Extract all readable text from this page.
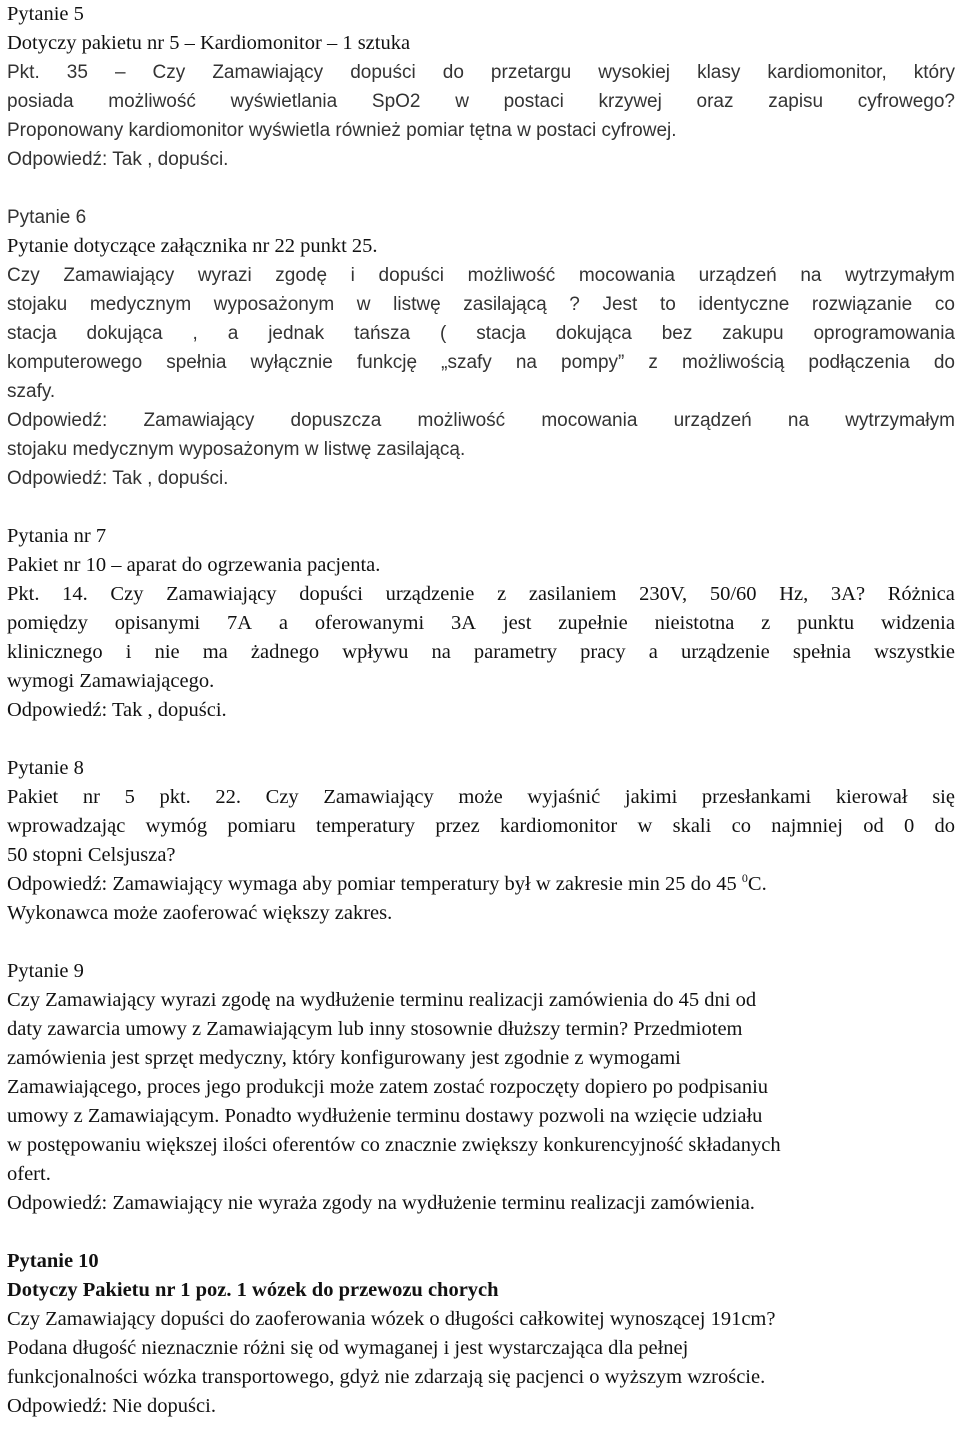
Pytanie 5
Dotyczy pakietu nr 5 – Kardiomonitor – 1 sztuka
Pkt. 35 – Czy Zamawiający dopuści do przetargu wysokiej klasy kardiomonitor, który
posiada możliwość wyświetlania SpO2 w postaci krzywej oraz zapisu cyfrowego?
Proponowany kardiomonitor wyświetla również pomiar tętna w postaci cyfrowej.
Odpowiedź: Tak , dopuści.
Pytanie 6
Pytanie dotyczące załącznika nr 22 punkt 25.
Czy Zamawiający wyrazi zgodę i dopuści możliwość mocowania urządzeń na wytrzymałym
stojaku medycznym wyposażonym w listwę zasilającą ? Jest to identyczne rozwiązanie co
stacja dokująca , a jednak tańsza ( stacja dokująca bez zakupu oprogramowania
komputerowego spełnia wyłącznie funkcję „szafy na pompy” z możliwością podłączenia do
szafy.
Odpowiedź: Zamawiający dopuszcza możliwość mocowania urządzeń na wytrzymałym
stojaku medycznym wyposażonym w listwę zasilającą.
Odpowiedź: Tak , dopuści.
Pytania nr 7
Pakiet nr 10 – aparat do ogrzewania pacjenta.
Pkt. 14. Czy Zamawiający dopuści urządzenie z zasilaniem 230V, 50/60 Hz, 3A? Różnica
pomiędzy opisanymi 7A a oferowanymi 3A jest zupełnie nieistotna z punktu widzenia
klinicznego i nie ma żadnego wpływu na parametry pracy a urządzenie spełnia wszystkie
wymogi Zamawiającego.
Odpowiedź: Tak , dopuści.
Pytanie 8
Pakiet nr 5 pkt. 22. Czy Zamawiający może wyjaśnić jakimi przesłankami kierował się
wprowadzając wymóg pomiaru temperatury przez kardiomonitor w skali co najmniej od 0 do
50 stopni Celsjusza?
Odpowiedź: Zamawiający wymaga aby pomiar temperatury był w zakresie min 25 do 45 $^0$C.
Wykonawca może zaoferować większy zakres.
Pytanie 9
Czy Zamawiający wyrazi zgodę na wydłużenie terminu realizacji zamówienia do 45 dni od
daty zawarcia umowy z Zamawiającym lub inny stosownie dłuższy termin? Przedmiotem
zamówienia jest sprzęt medyczny, który konfigurowany jest zgodnie z wymogami
Zamawiającego, proces jego produkcji może zatem zostać rozpoczęty dopiero po podpisaniu
umowy z Zamawiającym. Ponadto wydłużenie terminu dostawy pozwoli na wzięcie udziału
w postępowaniu większej ilości oferentów co znacznie zwiększy konkurencyjność składanych
ofert.
Odpowiedź: Zamawiający nie wyraża zgody na wydłużenie terminu realizacji zamówienia.
Pytanie 10
Dotyczy Pakietu nr 1 poz. 1 wózek do przewozu chorych
Czy Zamawiający dopuści do zaoferowania wózek o długości całkowitej wynoszącej 191cm?
Podana długość nieznacznie różni się od wymaganej i jest wystarczająca dla pełnej
funkcjonalności wózka transportowego, gdyż nie zdarzają się pacjenci o wyższym wzroście.
Odpowiedź: Nie dopuści.
